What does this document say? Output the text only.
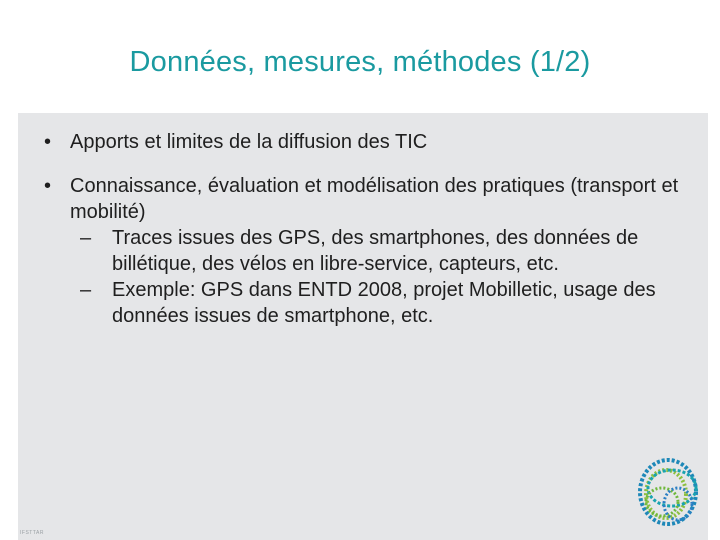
Données, mesures, méthodes (1/2)
• Apports et limites de la diffusion des TIC
• Connaissance, évaluation et modélisation des pratiques (transport et mobilité)
– Traces issues des GPS, des smartphones, des données de billétique, des vélos en libre-service, capteurs, etc.
– Exemple: GPS dans ENTD 2008, projet Mobilletic, usage des données issues de smartphone, etc.
IFSTTAR
